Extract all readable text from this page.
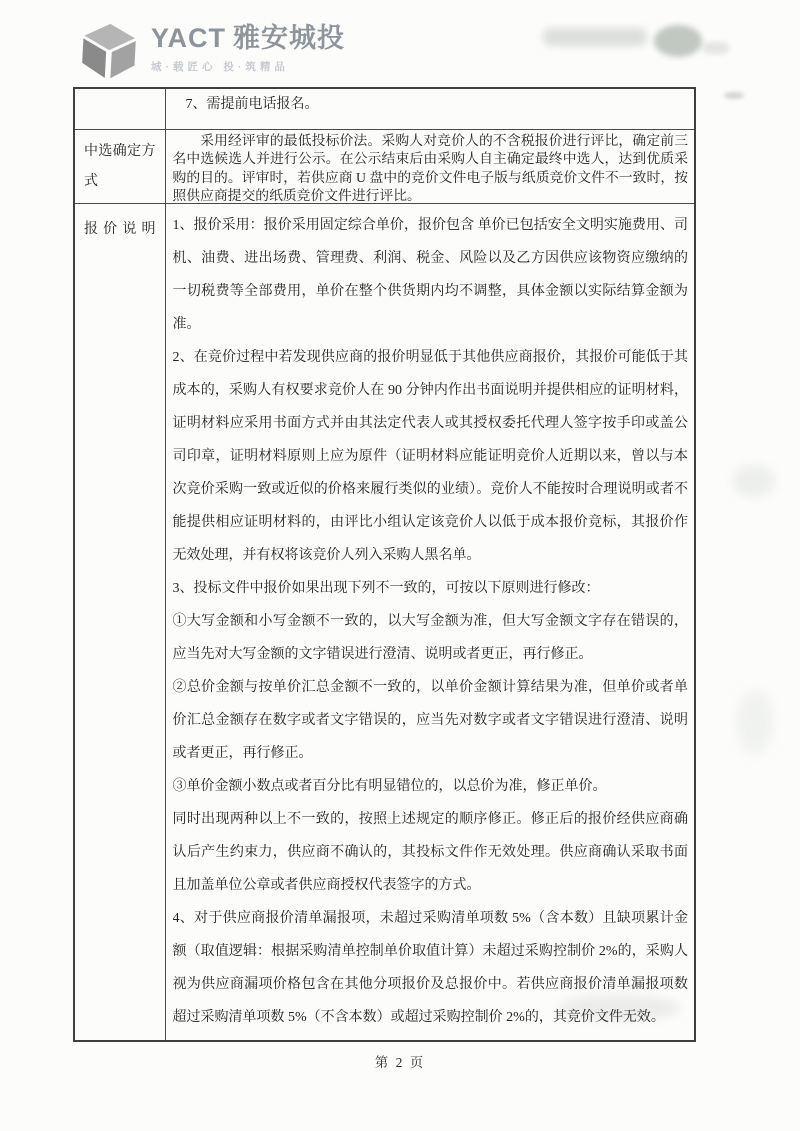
YACT 雅安城投
城·载匠心 投·筑精品

	7、需提前电话报名。

中选确定方式	采用经评审的最低投标价法。采购人对竞价人的不含税报价进行评比，确定前三名中选候选人并进行公示。在公示结束后由采购人自主确定最终中选人，达到优质采购的目的。评审时，若供应商 U 盘中的竞价文件电子版与纸质竞价文件不一致时，按照供应商提交的纸质竞价文件进行评比。

报价说明	1、报价采用：报价采用固定综合单价，报价包含 单价已包括安全文明实施费用、司机、油费、进出场费、管理费、利润、税金、风险以及乙方因供应该物资应缴纳的一切税费等全部费用，单价在整个供货期内均不调整，具体金额以实际结算金额为准。

2、在竞价过程中若发现供应商的报价明显低于其他供应商报价，其报价可能低于其成本的，采购人有权要求竞价人在 90 分钟内作出书面说明并提供相应的证明材料，证明材料应采用书面方式并由其法定代表人或其授权委托代理人签字按手印或盖公司印章，证明材料原则上应为原件（证明材料应能证明竞价人近期以来，曾以与本次竞价采购一致或近似的价格来履行类似的业绩）。竞价人不能按时合理说明或者不能提供相应证明材料的，由评比小组认定该竞价人以低于成本报价竞标，其报价作无效处理，并有权将该竞价人列入采购人黑名单。

3、投标文件中报价如果出现下列不一致的，可按以下原则进行修改：

①大写金额和小写金额不一致的，以大写金额为准，但大写金额文字存在错误的，应当先对大写金额的文字错误进行澄清、说明或者更正，再行修正。

②总价金额与按单价汇总金额不一致的，以单价金额计算结果为准，但单价或者单价汇总金额存在数字或者文字错误的，应当先对数字或者文字错误进行澄清、说明或者更正，再行修正。

③单价金额小数点或者百分比有明显错位的，以总价为准，修正单价。

同时出现两种以上不一致的，按照上述规定的顺序修正。修正后的报价经供应商确认后产生约束力，供应商不确认的，其投标文件作无效处理。供应商确认采取书面且加盖单位公章或者供应商授权代表签字的方式。

4、对于供应商报价清单漏报项，未超过采购清单项数 5%（含本数）且缺项累计金额（取值逻辑：根据采购清单控制单价取值计算）未超过采购控制价 2%的，采购人视为供应商漏项价格包含在其他分项报价及总报价中。若供应商报价清单漏报项数超过采购清单项数 5%（不含本数）或超过采购控制价 2%的，其竞价文件无效。

第 2 页
